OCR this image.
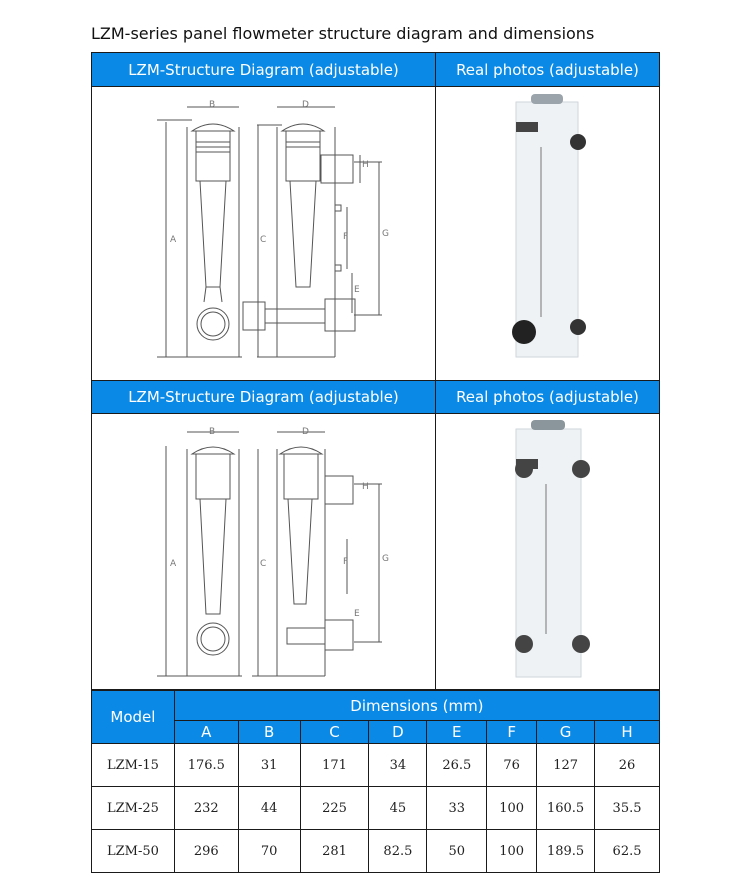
LZM-series panel flowmeter structure diagram and dimensions
LZM-Structure Diagram (adjustable)	Real photos (adjustable)
B	D
A	C	F	G
H
E
LZM-Structure Diagram (adjustable)	Real photos (adjustable)
B	D
A	C	F	G
H
E
Model	Dimensions (mm)							
	A	B	C	D	E	F	G	H
LZM-15	176.5	31	171	34	26.5	76	127	26
LZM-25	232	44	225	45	33	100	160.5	35.5
LZM-50	296	70	281	82.5	50	100	189.5	62.5
